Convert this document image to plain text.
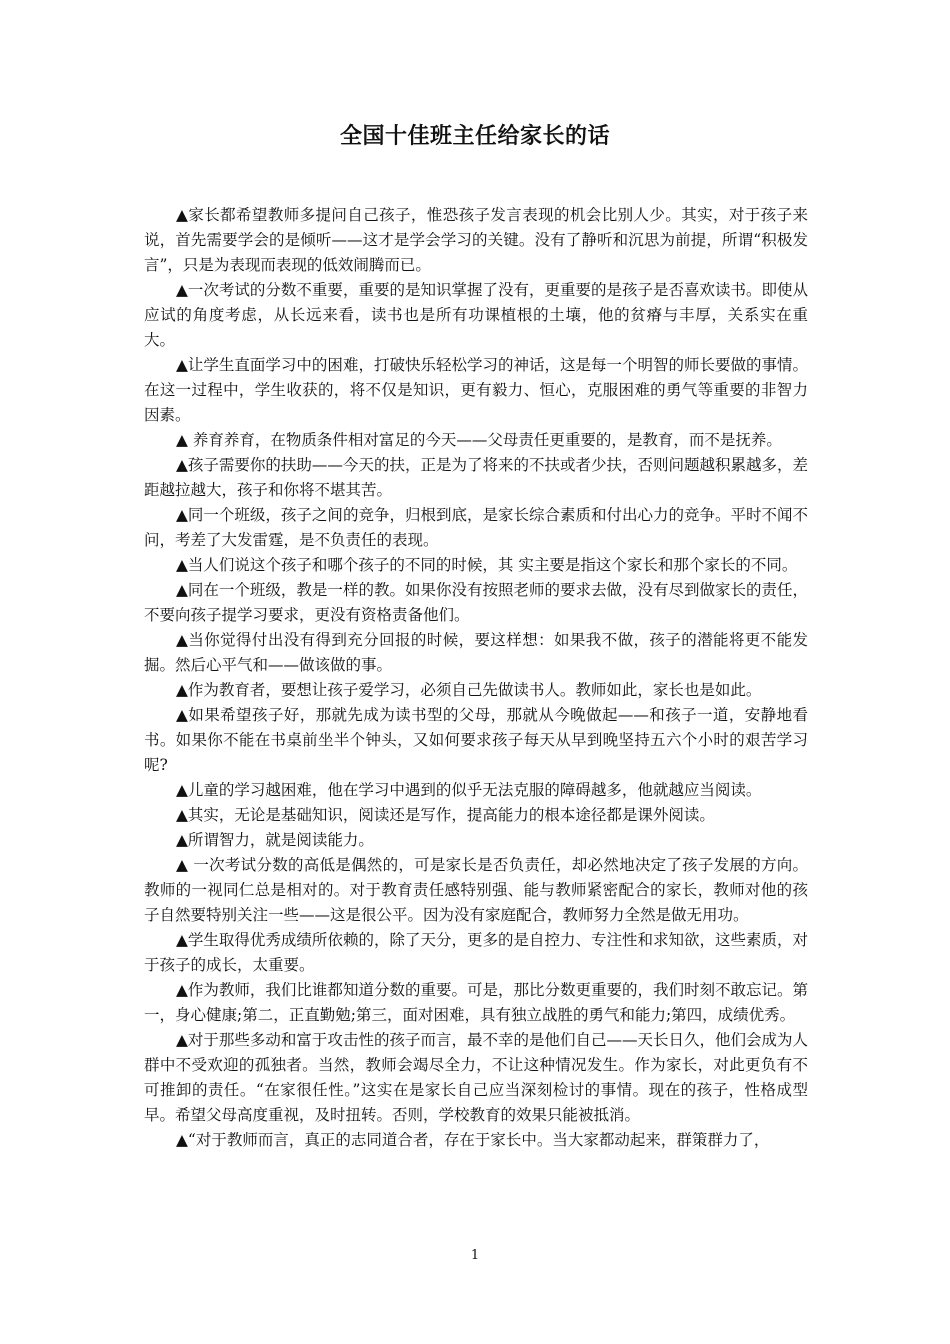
全国十佳班主任给家长的话

▲家长都希望教师多提问自己孩子，惟恐孩子发言表现的机会比别人少。其实，对于孩子来说，首先需要学会的是倾听——这才是学会学习的关键。没有了静听和沉思为前提，所谓“积极发言”，只是为表现而表现的低效闹腾而已。

▲一次考试的分数不重要，重要的是知识掌握了没有，更重要的是孩子是否喜欢读书。即使从应试的角度考虑，从长远来看，读书也是所有功课植根的土壤，他的贫瘠与丰厚，关系实在重大。

▲让学生直面学习中的困难，打破快乐轻松学习的神话，这是每一个明智的师长要做的事情。在这一过程中，学生收获的，将不仅是知识，更有毅力、恒心，克服困难的勇气等重要的非智力因素。

▲ 养育养育，在物质条件相对富足的今天——父母责任更重要的，是教育，而不是抚养。

▲孩子需要你的扶助——今天的扶，正是为了将来的不扶或者少扶，否则问题越积累越多，差距越拉越大，孩子和你将不堪其苦。

▲同一个班级，孩子之间的竞争，归根到底，是家长综合素质和付出心力的竞争。平时不闻不问，考差了大发雷霆，是不负责任的表现。

▲当人们说这个孩子和哪个孩子的不同的时候，其 实主要是指这个家长和那个家长的不同。

▲同在一个班级，教是一样的教。如果你没有按照老师的要求去做，没有尽到做家长的责任，不要向孩子提学习要求，更没有资格责备他们。

▲当你觉得付出没有得到充分回报的时候，要这样想：如果我不做，孩子的潜能将更不能发掘。然后心平气和——做该做的事。

▲作为教育者，要想让孩子爱学习，必须自己先做读书人。教师如此，家长也是如此。

▲如果希望孩子好，那就先成为读书型的父母，那就从今晚做起——和孩子一道，安静地看书。如果你不能在书桌前坐半个钟头，又如何要求孩子每天从早到晚坚持五六个小时的艰苦学习呢?

▲儿童的学习越困难，他在学习中遇到的似乎无法克服的障碍越多，他就越应当阅读。

▲其实，无论是基础知识，阅读还是写作，提高能力的根本途径都是课外阅读。

▲所谓智力，就是阅读能力。

▲ 一次考试分数的高低是偶然的，可是家长是否负责任，却必然地决定了孩子发展的方向。教师的一视同仁总是相对的。对于教育责任感特别强、能与教师紧密配合的家长，教师对他的孩子自然要特别关注一些——这是很公平。因为没有家庭配合，教师努力全然是做无用功。

▲学生取得优秀成绩所依赖的，除了天分，更多的是自控力、专注性和求知欲，这些素质，对于孩子的成长，太重要。

▲作为教师，我们比谁都知道分数的重要。可是，那比分数更重要的，我们时刻不敢忘记。第一，身心健康;第二，正直勤勉;第三，面对困难，具有独立战胜的勇气和能力;第四，成绩优秀。

▲对于那些多动和富于攻击性的孩子而言，最不幸的是他们自己——天长日久，他们会成为人群中不受欢迎的孤独者。当然，教师会竭尽全力，不让这种情况发生。作为家长，对此更负有不可推卸的责任。“在家很任性。”这实在是家长自己应当深刻检讨的事情。现在的孩子，性格成型早。希望父母高度重视，及时扭转。否则，学校教育的效果只能被抵消。

▲“对于教师而言，真正的志同道合者，存在于家长中。当大家都动起来，群策群力了，

1
